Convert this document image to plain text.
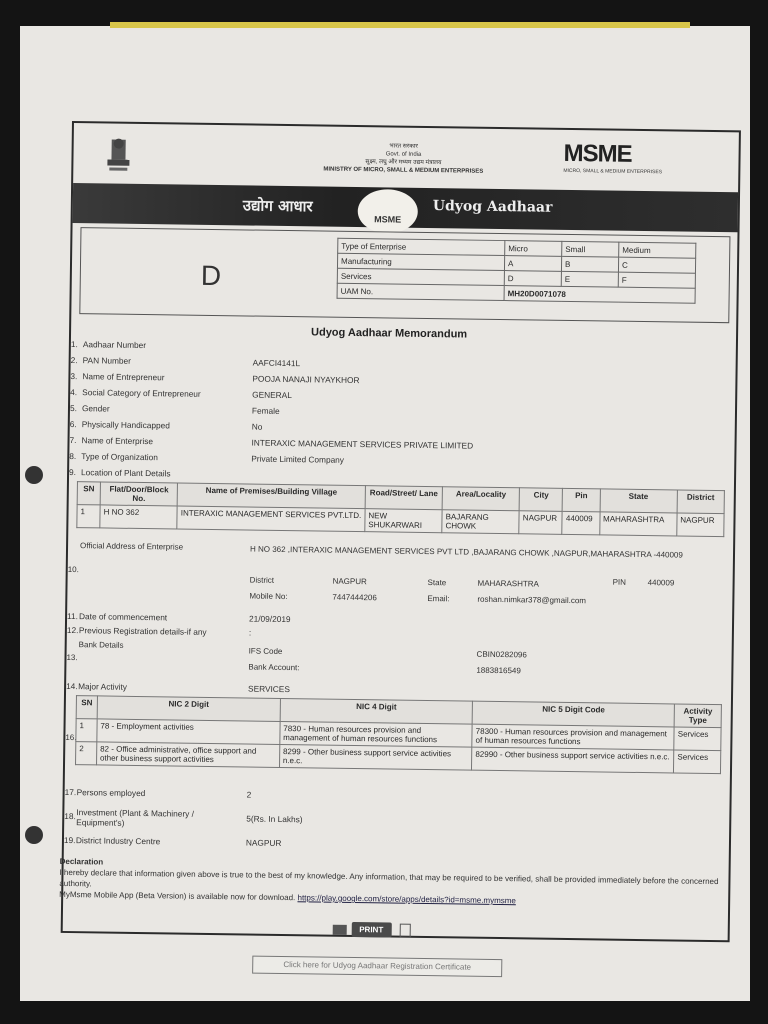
भारत सरकार
Govt. of India
सूक्ष्म, लघु और मध्यम उद्यम मंत्रालय
MINISTRY OF MICRO, SMALL & MEDIUM ENTERPRISES
MSME
MICRO, SMALL & MEDIUM ENTERPRISES
उद्योग आधार
MSME
Udyog Aadhaar
D
Type of Enterprise	Micro	Small	Medium
Manufacturing	A	B	C
Services	D	E	F
UAM No.	MH20D0071078		
Udyog Aadhaar Memorandum
1. Aadhaar Number
2. PAN Number	AAFCI4141L
3. Name of Entrepreneur	POOJA NANAJI NYAYKHOR
4. Social Category of Entrepreneur	GENERAL
5. Gender	Female
6. Physically Handicapped	No
7. Name of Enterprise	INTERAXIC MANAGEMENT SERVICES PRIVATE LIMITED
8. Type of Organization	Private Limited Company
9. Location of Plant Details
SN	Flat/Door/Block No.	Name of Premises/Building Village	Road/Street/ Lane	Area/Locality	City	Pin	State	District
1	H NO 362	INTERAXIC MANAGEMENT SERVICES PVT.LTD.	NEW SHUKARWARI	BAJARANG CHOWK	NAGPUR	440009	MAHARASHTRA	NAGPUR
Official Address of Enterprise
10.
H NO 362 ,INTERAXIC MANAGEMENT SERVICES PVT LTD ,BAJARANG CHOWK ,NAGPUR,MAHARASHTRA -440009
District	NAGPUR	State	MAHARASHTRA	PIN	440009
Mobile No:	7447444206	Email:	roshan.nimkar378@gmail.com
11.Date of commencement	21/09/2019
12.Previous Registration details-if any	:
Bank Details
13.
IFS Code	CBIN0282096
Bank Account:	1883816549
14.Major Activity	SERVICES
16.
SN	NIC 2 Digit	NIC 4 Digit	NIC 5 Digit Code	Activity Type
1	78 - Employment activities	7830 - Human resources provision and management of human resources functions	78300 - Human resources provision and management of human resources functions	Services
2	82 - Office administrative, office support and other business support activities	8299 - Other business support service activities n.e.c.	82990 - Other business support service activities n.e.c.	Services
17.Persons employed	2
18.Investment (Plant & Machinery / Equipment's)	5(Rs. In Lakhs)
19.District Industry Centre	NAGPUR
Declaration
I hereby declare that information given above is true to the best of my knowledge. Any information, that may be required to be verified, shall be provided immediately before the concerned authority.
MyMsme Mobile App (Beta Version) is available now for download. https://play.google.com/store/apps/details?id=msme.mymsme
PRINT
Click here for Udyog Aadhaar Registration Certificate
